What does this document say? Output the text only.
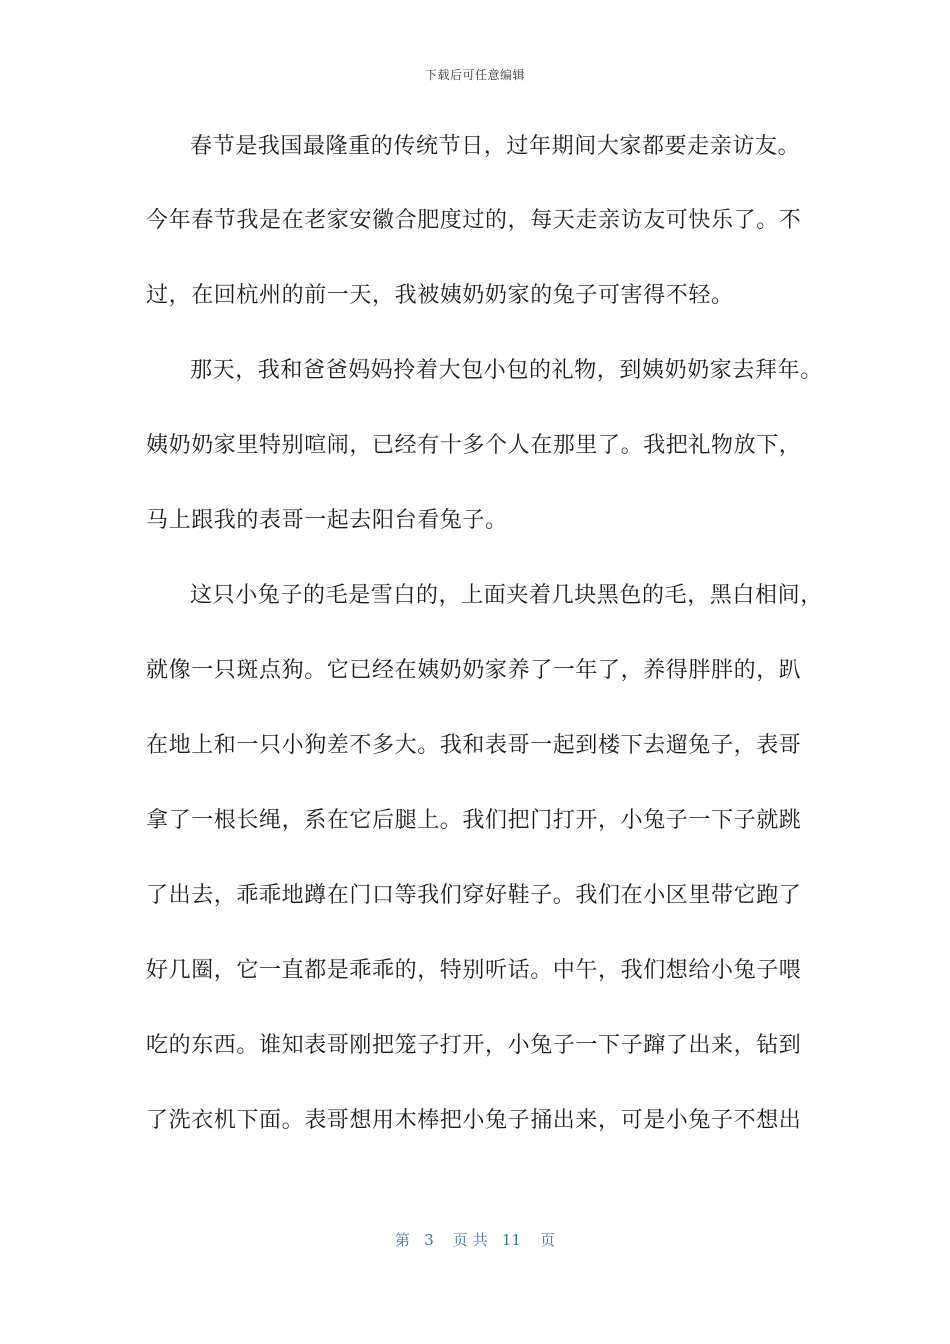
下载后可任意编辑
春节是我国最隆重的传统节日，过年期间大家都要走亲访友。
今年春节我是在老家安徽合肥度过的，每天走亲访友可快乐了。不
过，在回杭州的前一天，我被姨奶奶家的兔子可害得不轻。
那天，我和爸爸妈妈拎着大包小包的礼物，到姨奶奶家去拜年。
姨奶奶家里特别喧闹，已经有十多个人在那里了。我把礼物放下，
马上跟我的表哥一起去阳台看兔子。
这只小兔子的毛是雪白的，上面夹着几块黑色的毛，黑白相间，
就像一只斑点狗。它已经在姨奶奶家养了一年了，养得胖胖的，趴
在地上和一只小狗差不多大。我和表哥一起到楼下去遛兔子，表哥
拿了一根长绳，系在它后腿上。我们把门打开，小兔子一下子就跳
了出去，乖乖地蹲在门口等我们穿好鞋子。我们在小区里带它跑了
好几圈，它一直都是乖乖的，特别听话。中午，我们想给小兔子喂
吃的东西。谁知表哥刚把笼子打开，小兔子一下子蹿了出来，钻到
了洗衣机下面。表哥想用木棒把小兔子捅出来，可是小兔子不想出
第 3 页 共 11 页
